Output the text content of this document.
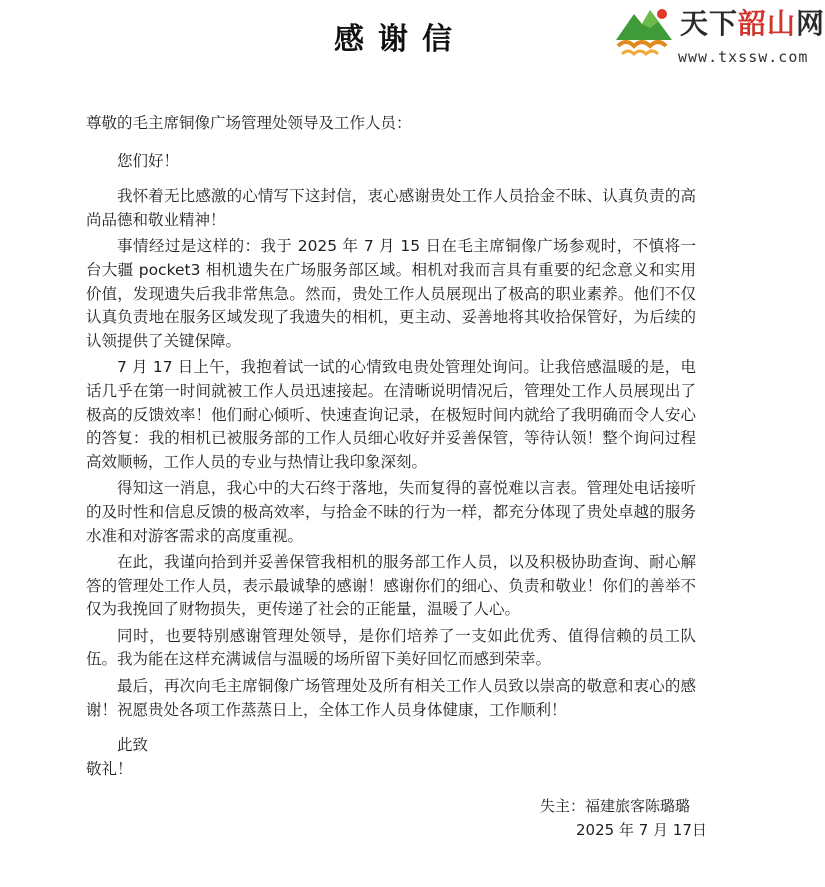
感谢信	天下韶山网
www.txssw.com

尊敬的毛主席铜像广场管理处领导及工作人员：

您们好！

我怀着无比感激的心情写下这封信，衷心感谢贵处工作人员拾金不昧、认真负责的高尚品德和敬业精神！

事情经过是这样的：我于 2025 年 7 月 15 日在毛主席铜像广场参观时，不慎将一台大疆 pocket3 相机遗失在广场服务部区域。相机对我而言具有重要的纪念意义和实用价值，发现遗失后我非常焦急。然而，贵处工作人员展现出了极高的职业素养。他们不仅认真负责地在服务区域发现了我遗失的相机，更主动、妥善地将其收拾保管好，为后续的认领提供了关键保障。

7 月 17 日上午，我抱着试一试的心情致电贵处管理处询问。让我倍感温暖的是，电话几乎在第一时间就被工作人员迅速接起。在清晰说明情况后，管理处工作人员展现出了极高的反馈效率！他们耐心倾听、快速查询记录，在极短时间内就给了我明确而令人安心的答复：我的相机已被服务部的工作人员细心收好并妥善保管，等待认领！整个询问过程高效顺畅，工作人员的专业与热情让我印象深刻。

得知这一消息，我心中的大石终于落地，失而复得的喜悦难以言表。管理处电话接听的及时性和信息反馈的极高效率，与拾金不昧的行为一样，都充分体现了贵处卓越的服务水准和对游客需求的高度重视。

在此，我谨向拾到并妥善保管我相机的服务部工作人员，以及积极协助查询、耐心解答的管理处工作人员，表示最诚挚的感谢！感谢你们的细心、负责和敬业！你们的善举不仅为我挽回了财物损失，更传递了社会的正能量，温暖了人心。

同时，也要特别感谢管理处领导，是你们培养了一支如此优秀、值得信赖的员工队伍。我为能在这样充满诚信与温暖的场所留下美好回忆而感到荣幸。

最后，再次向毛主席铜像广场管理处及所有相关工作人员致以崇高的敬意和衷心的感谢！祝愿贵处各项工作蒸蒸日上，全体工作人员身体健康，工作顺利！

此致

敬礼！

失主：福建旅客陈璐璐
2025 年 7 月 17日
